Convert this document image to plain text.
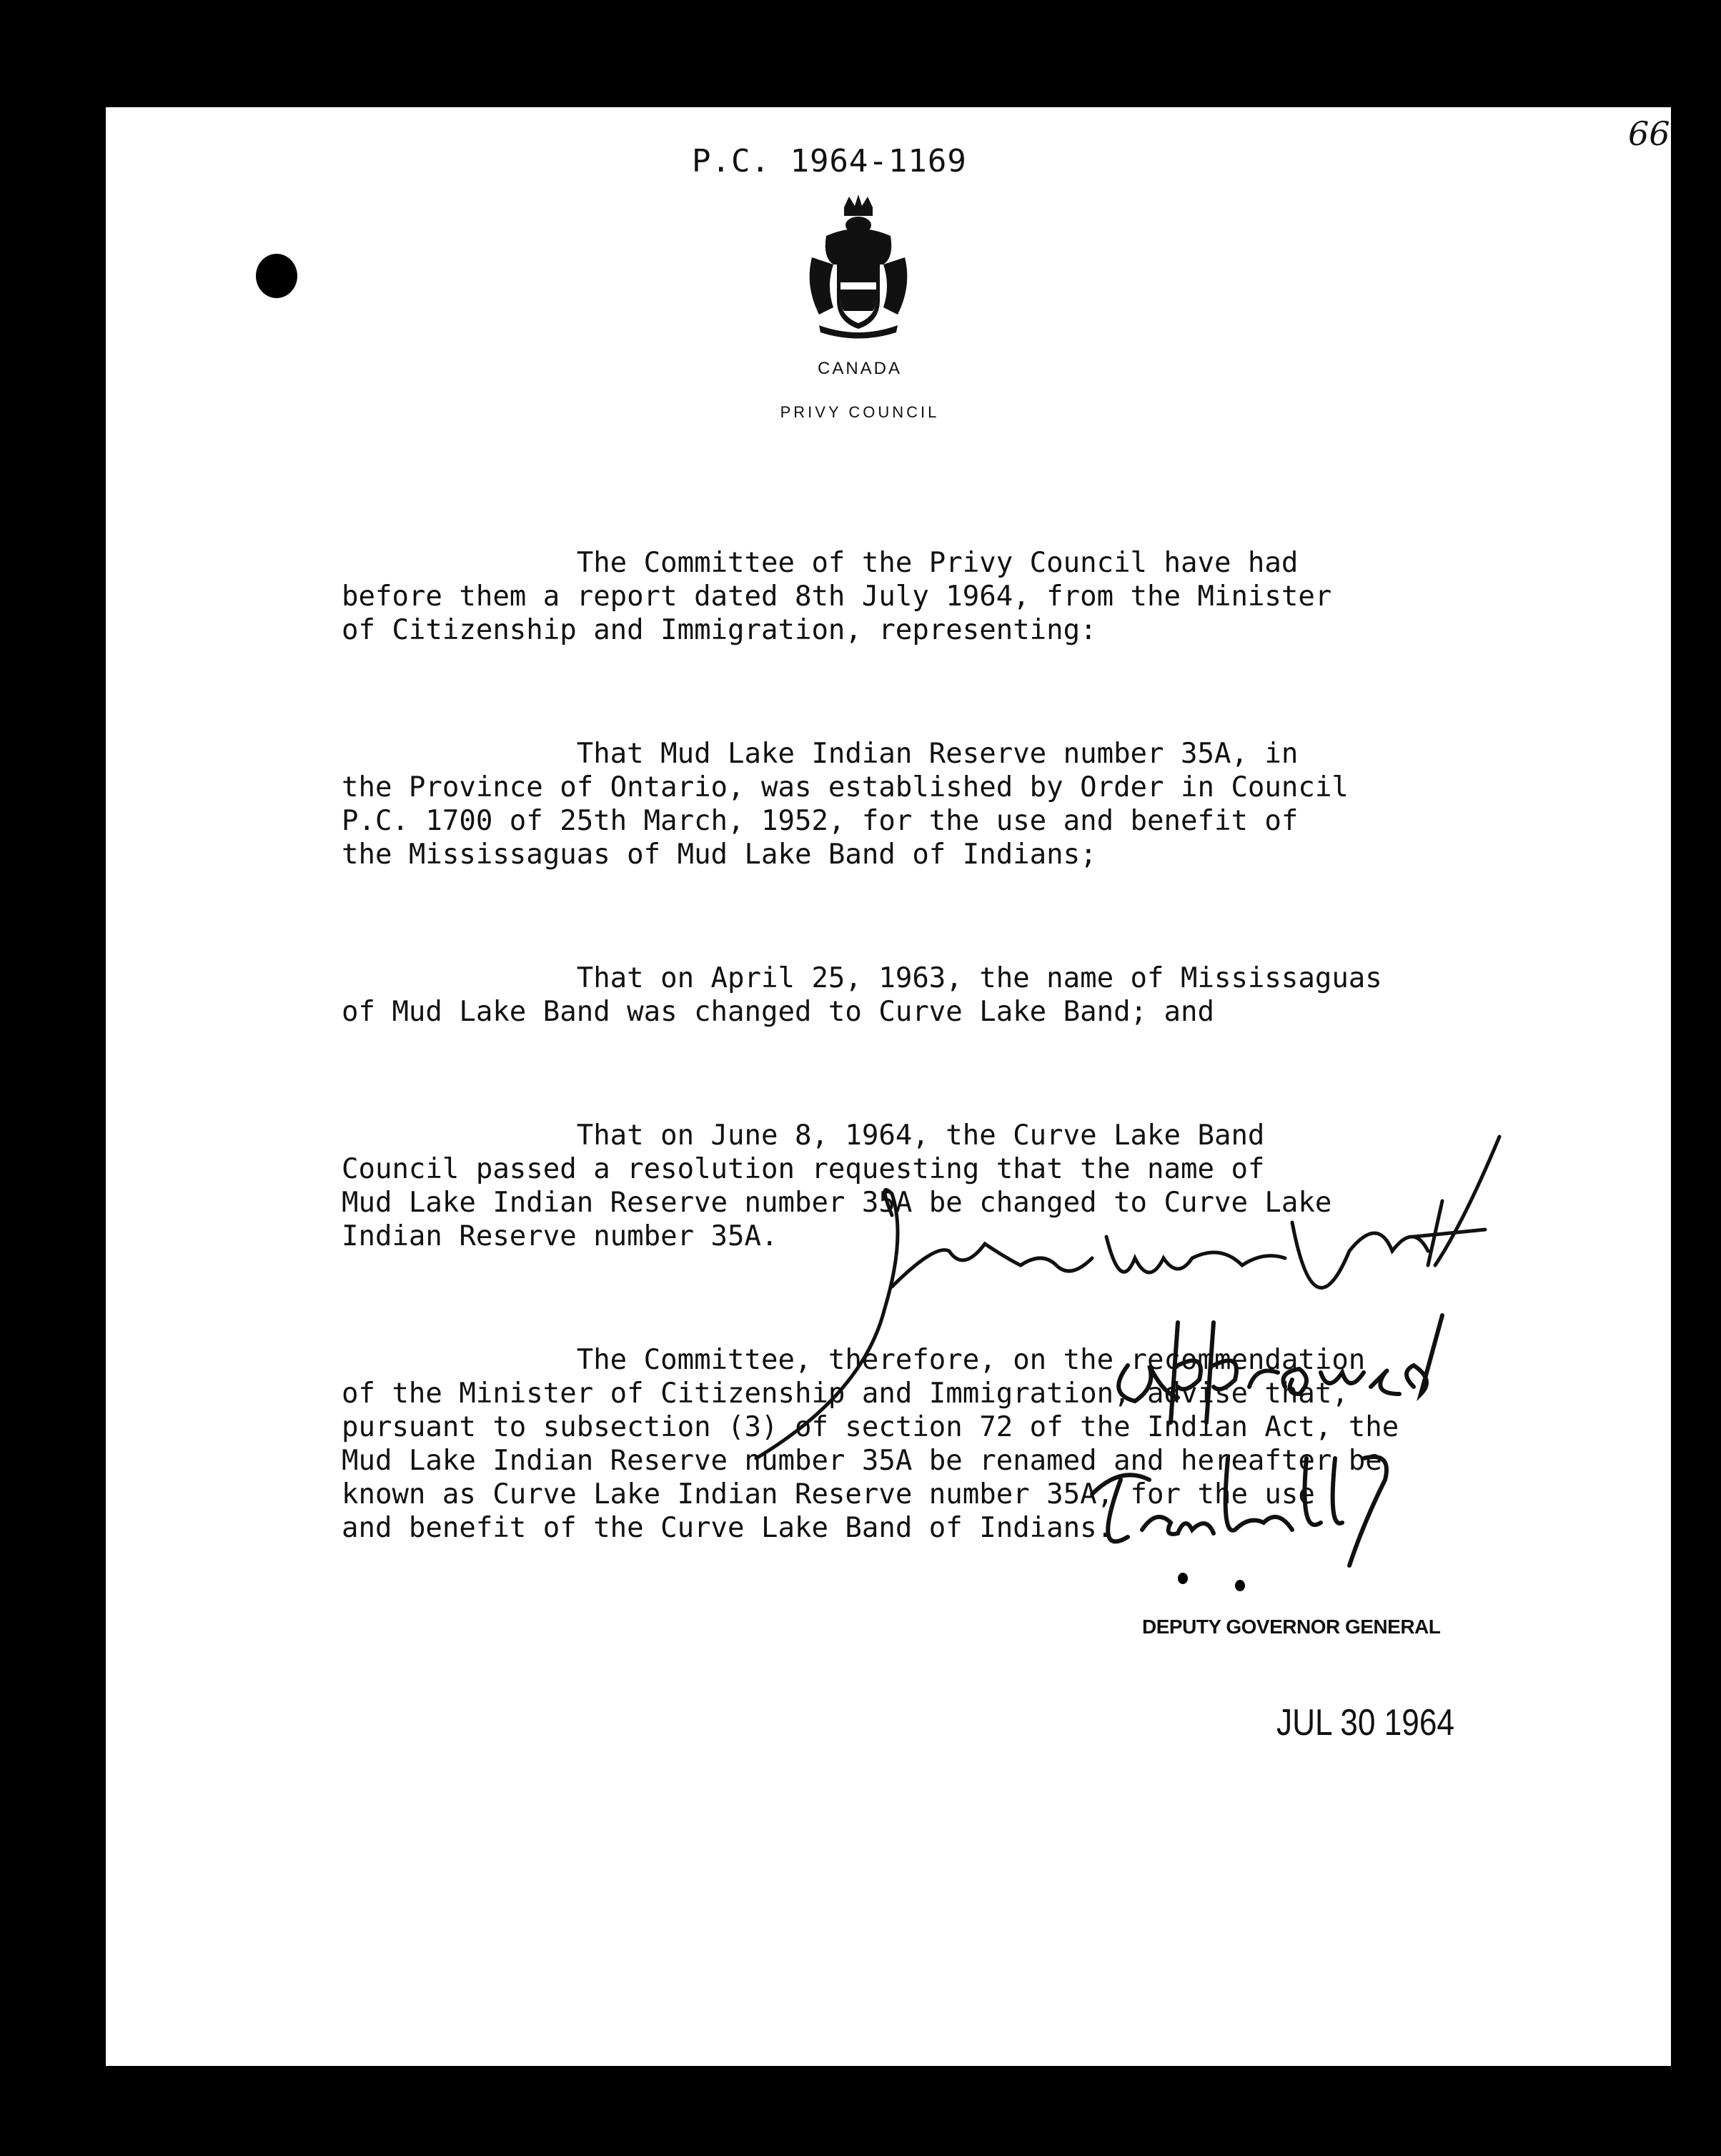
66
P.C. 1964-1169
CANADA
PRIVY COUNCIL

The Committee of the Privy Council have had
before them a report dated 8th July 1964, from the Minister
of Citizenship and Immigration, representing:

That Mud Lake Indian Reserve number 35A, in
the Province of Ontario, was established by Order in Council
P.C. 1700 of 25th March, 1952, for the use and benefit of
the Mississaguas of Mud Lake Band of Indians;

That on April 25, 1963, the name of Mississaguas
of Mud Lake Band was changed to Curve Lake Band; and

That on June 8, 1964, the Curve Lake Band
Council passed a resolution requesting that the name of
Mud Lake Indian Reserve number 35A be changed to Curve Lake
Indian Reserve number 35A.

The Committee, therefore, on the recommendation
of the Minister of Citizenship and Immigration, advise that,
pursuant to subsection (3) of section 72 of the Indian Act, the
Mud Lake Indian Reserve number 35A be renamed and hereafter be
known as Curve Lake Indian Reserve number 35A, for the use
and benefit of the Curve Lake Band of Indians.

DEPUTY GOVERNOR GENERAL
JUL 30 1964
